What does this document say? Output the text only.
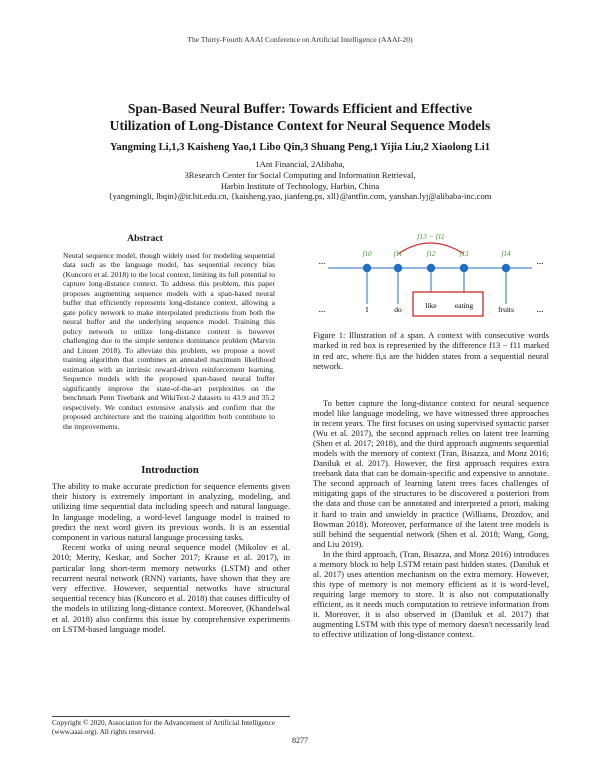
The Thirty-Fourth AAAI Conference on Artificial Intelligence (AAAI-20)
Span-Based Neural Buffer: Towards Efficient and Effective
Utilization of Long-Distance Context for Neural Sequence Models
Yangming Li,1,3 Kaisheng Yao,1 Libo Qin,3 Shuang Peng,1 Yijia Liu,2 Xiaolong Li1
1Ant Financial, 2Alibaba,
3Research Center for Social Computing and Information Retrieval,
Harbin Institute of Technology, Harbin, China
{yangmingli, lbqin}@ir.hit.edu.cn, {kaisheng.yao, jianfeng.ps, xll}@antfin.com, yanshan.lyj@alibaba-inc.com
Abstract
Neural sequence model, though widely used for modeling sequential data such as the language model, has sequential recency bias (Kuncoro et al. 2018) to the local context, limiting its full potential to capture long-distance context. To address this problem, this paper proposes augmenting sequence models with a span-based neural buffer that efficiently represents long-distance context, allowing a gate policy network to make interpolated predictions from both the neural buffer and the underlying sequence model. Training this policy network to utilize long-distance context is however challenging due to the simple sentence dominance problem (Marvin and Linzen 2018). To alleviate this problem, we propose a novel training algorithm that combines an annealed maximum likelihood estimation with an intrinsic reward-driven reinforcement learning. Sequence models with the proposed span-based neural buffer significantly improve the state-of-the-art perplexities on the benchmark Penn Treebank and WikiText-2 datasets to 43.9 and 35.2 respectively. We conduct extensive analysis and confirm that the proposed architecture and the training algorithm both contribute to the improvements.
Introduction

The ability to make accurate prediction for sequence elements given their history is extremely important in analyzing, modeling, and utilizing time sequential data including speech and natural language. In language modeling, a word-level language model is trained to predict the next word given its previous words. It is an essential component in various natural language processing tasks.

Recent works of using neural sequence model (Mikolov et al. 2010; Merity, Keskar, and Socher 2017; Krause et al. 2017), in particular long short-term memory networks (LSTM) and other recurrent neural network (RNN) variants, have shown that they are very effective. However, sequential networks have structural sequential recency bias (Kuncoro et al. 2018) that causes difficulty of the models in utilizing long-distance context. Moreover, (Khandelwal et al. 2018) also confirms this issue by comprehensive experiments on LSTM-based language model.

Copyright © 2020, Association for the Advancement of Artificial Intelligence (www.aaai.org). All rights reserved.
f13 − f11
...	...
f10	f11	f12	f13	f14
...	I	do	like eating	fruits	...
Figure 1: Illustration of a span. A context with consecutive words marked in red box is represented by the difference f13 − f11 marked in red arc, where fi,s are the hidden states from a sequential neural network.

To better capture the long-distance context for neural sequence model like language modeling, we have witnessed three approaches in recent years. The first focuses on using supervised syntactic parser (Wu et al. 2017), the second approach relies on latent tree learning (Shen et al. 2017; 2018), and the third approach augments sequential models with the memory of context (Tran, Bisazza, and Monz 2016; Daniluk et al. 2017). However, the first approach requires extra treebank data that can be domain-specific and expensive to annotate. The second approach of learning latent trees faces challenges of mitigating gaps of the structures to be discovered a posteriori from the data and those can be annotated and interpreted a priori, making it hard to train and unwieldy in practice (Williams, Drozdov, and Bowman 2018). Moreover, performance of the latent tree models is still behind the sequential network (Shen et al. 2018; Wang, Gong, and Liu 2019).

In the third approach, (Tran, Bisazza, and Monz 2016) introduces a memory block to help LSTM retain past hidden states. (Daniluk et al. 2017) uses attention mechanism on the extra memory. However, this type of memory is not memory efficient as it is word-level, requiring large memory to store. It is also not computationally efficient, as it needs much computation to retrieve information from it. Moreover, it is also observed in (Daniluk et al. 2017) that augmenting LSTM with this type of memory doesn't necessarily lead to effective utilization of long-distance context.

8277
